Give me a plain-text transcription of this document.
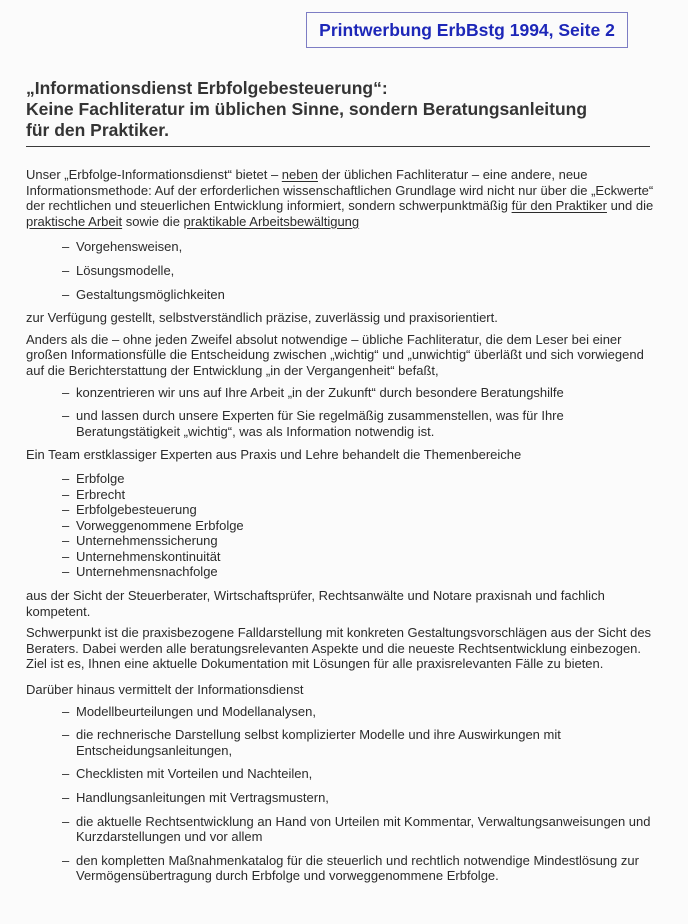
Printwerbung ErbBstg 1994, Seite 2
„Informationsdienst Erbfolgebesteuerung“:
Keine Fachliteratur im üblichen Sinne, sondern Beratungsanleitung
für den Praktiker.

Unser „Erbfolge-Informationsdienst“ bietet – neben der üblichen Fachliteratur – eine andere, neue Informationsmethode: Auf der erforderlichen wissenschaftlichen Grundlage wird nicht nur über die „Eckwerte“ der rechtlichen und steuerlichen Entwicklung informiert, sondern schwerpunktmäßig für den Praktiker und die praktische Arbeit sowie die praktikable Arbeitsbewältigung

– Vorgehensweisen,
– Lösungsmodelle,
– Gestaltungsmöglichkeiten

zur Verfügung gestellt, selbstverständlich präzise, zuverlässig und praxisorientiert.

Anders als die – ohne jeden Zweifel absolut notwendige – übliche Fachliteratur, die dem Leser bei einer großen Informationsfülle die Entscheidung zwischen „wichtig“ und „unwichtig“ überläßt und sich vorwiegend auf die Berichterstattung der Entwicklung „in der Vergangenheit“ befaßt,

– konzentrieren wir uns auf Ihre Arbeit „in der Zukunft“ durch besondere Beratungshilfe
– und lassen durch unsere Experten für Sie regelmäßig zusammenstellen, was für Ihre Beratungstätigkeit „wichtig“, was als Information notwendig ist.

Ein Team erstklassiger Experten aus Praxis und Lehre behandelt die Themenbereiche

– Erbfolge
– Erbrecht
– Erbfolgebesteuerung
– Vorweggenommene Erbfolge
– Unternehmenssicherung
– Unternehmenskontinuität
– Unternehmensnachfolge

aus der Sicht der Steuerberater, Wirtschaftsprüfer, Rechtsanwälte und Notare praxisnah und fachlich kompetent.

Schwerpunkt ist die praxisbezogene Falldarstellung mit konkreten Gestaltungsvorschlägen aus der Sicht des Beraters. Dabei werden alle beratungsrelevanten Aspekte und die neueste Rechtsentwicklung einbezogen. Ziel ist es, Ihnen eine aktuelle Dokumentation mit Lösungen für alle praxisrelevanten Fälle zu bieten.

Darüber hinaus vermittelt der Informationsdienst

– Modellbeurteilungen und Modellanalysen,
– die rechnerische Darstellung selbst komplizierter Modelle und ihre Auswirkungen mit Entscheidungsanleitungen,
– Checklisten mit Vorteilen und Nachteilen,
– Handlungsanleitungen mit Vertragsmustern,
– die aktuelle Rechtsentwicklung an Hand von Urteilen mit Kommentar, Verwaltungsanweisungen und Kurzdarstellungen und vor allem
– den kompletten Maßnahmenkatalog für die steuerlich und rechtlich notwendige Mindestlösung zur Vermögensübertragung durch Erbfolge und vorweggenommene Erbfolge.
